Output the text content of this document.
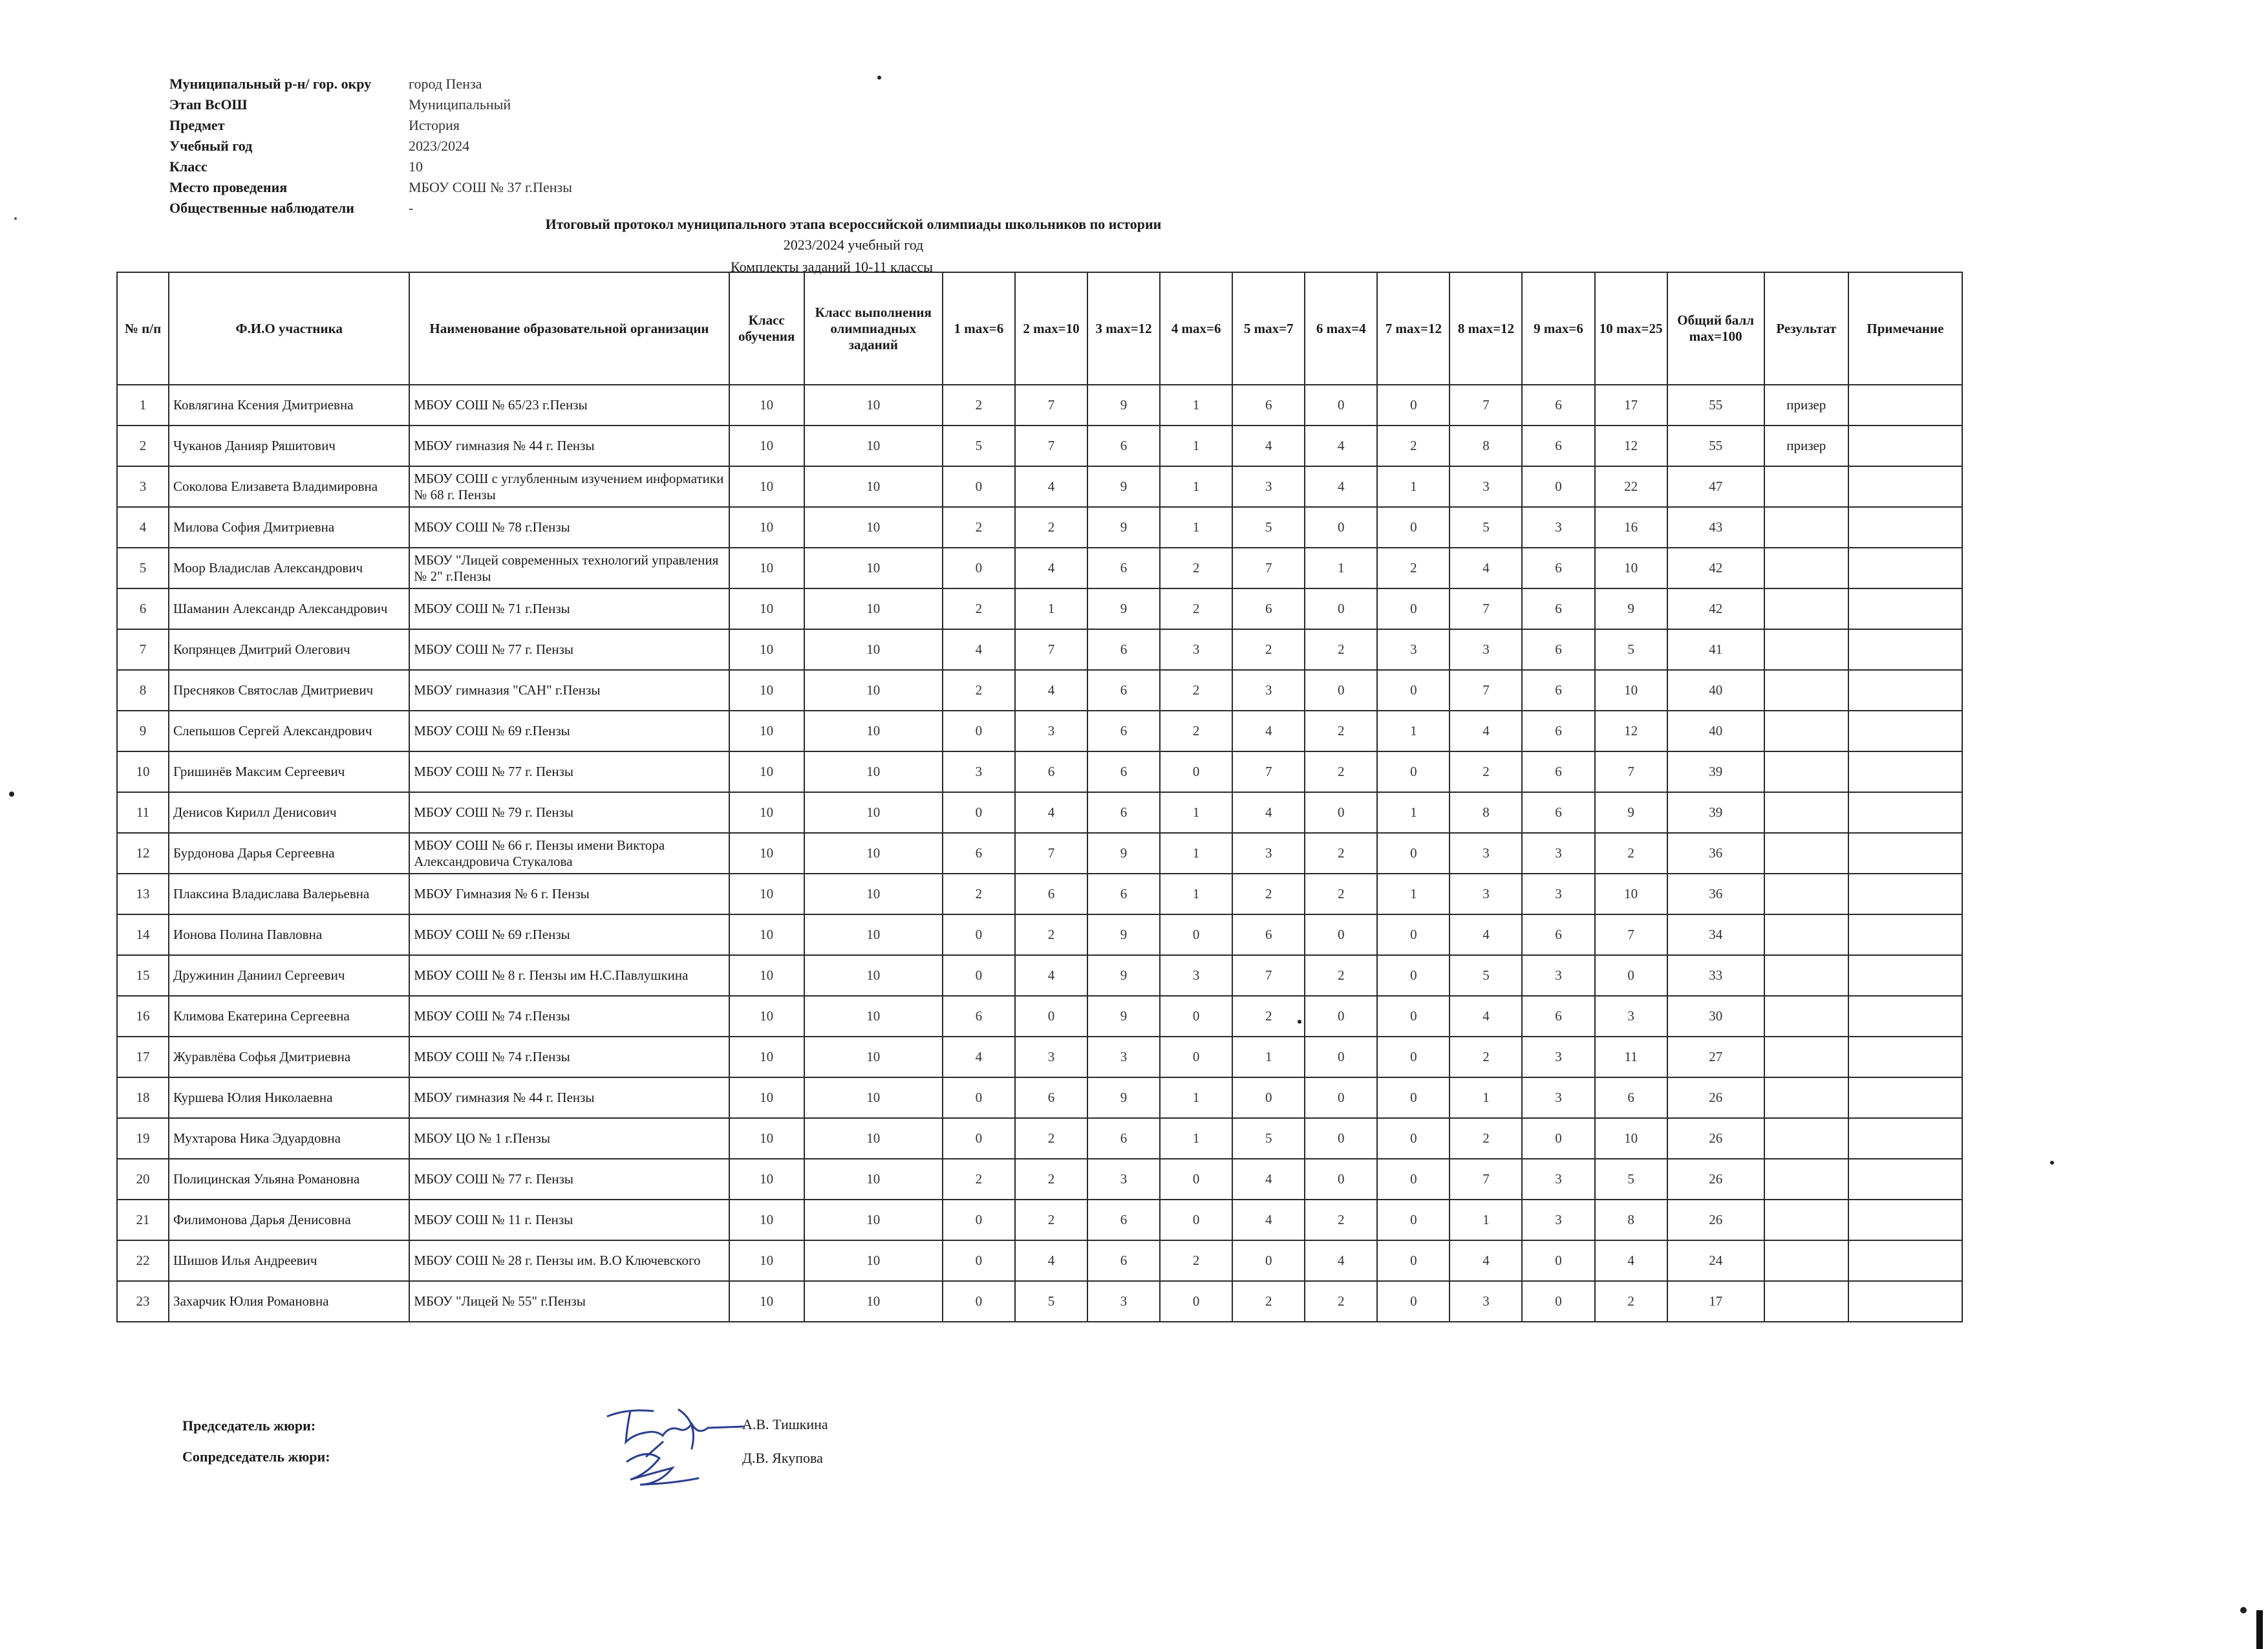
Муниципальный р-н/ гор. окру	город Пенза
Этап ВсОШ	Муниципальный
Предмет	История
Учебный год	2023/2024
Класс	10
Место проведения	МБОУ СОШ № 37 г.Пензы
Общественные наблюдатели	-
Итоговый протокол муниципального этапа всероссийской олимпиады школьников по истории
2023/2024 учебный год
Комплекты заданий 10-11 классы
№ п/п	Ф.И.О участника	Наименование образовательной организации	Класс обучения	Класс выполнения олимпиадных заданий	1 max=6	2 max=10	3 max=12	4 max=6	5 max=7	6 max=4	7 max=12	8 max=12	9 max=6	10 max=25	Общий балл max=100	Результат	Примечание
1	Ковлягина Ксения Дмитриевна	МБОУ СОШ № 65/23 г.Пензы	10	10	2	7	9	1	6	0	0	7	6	17	55	призер	
2	Чуканов Данияр Ряшитович	МБОУ гимназия № 44 г. Пензы	10	10	5	7	6	1	4	4	2	8	6	12	55	призер	
3	Соколова Елизавета Владимировна	МБОУ СОШ с углубленным изучением информатики № 68 г. Пензы	10	10	0	4	9	1	3	4	1	3	0	22	47		
4	Милова София Дмитриевна	МБОУ СОШ № 78 г.Пензы	10	10	2	2	9	1	5	0	0	5	3	16	43		
5	Моор Владислав Александрович	МБОУ "Лицей современных технологий управления № 2" г.Пензы	10	10	0	4	6	2	7	1	2	4	6	10	42		
6	Шаманин Александр Александрович	МБОУ СОШ № 71 г.Пензы	10	10	2	1	9	2	6	0	0	7	6	9	42		
7	Копрянцев Дмитрий Олегович	МБОУ СОШ № 77 г. Пензы	10	10	4	7	6	3	2	2	3	3	6	5	41		
8	Пресняков Святослав Дмитриевич	МБОУ гимназия "САН" г.Пензы	10	10	2	4	6	2	3	0	0	7	6	10	40		
9	Слепышов Сергей Александрович	МБОУ СОШ № 69 г.Пензы	10	10	0	3	6	2	4	2	1	4	6	12	40		
10	Гришинёв Максим Сергеевич	МБОУ СОШ № 77 г. Пензы	10	10	3	6	6	0	7	2	0	2	6	7	39		
11	Денисов Кирилл Денисович	МБОУ СОШ № 79 г. Пензы	10	10	0	4	6	1	4	0	1	8	6	9	39		
12	Бурдонова Дарья Сергеевна	МБОУ СОШ № 66 г. Пензы имени Виктора Александровича Стукалова	10	10	6	7	9	1	3	2	0	3	3	2	36		
13	Плаксина Владислава Валерьевна	МБОУ Гимназия № 6 г. Пензы	10	10	2	6	6	1	2	2	1	3	3	10	36		
14	Ионова Полина Павловна	МБОУ СОШ № 69 г.Пензы	10	10	0	2	9	0	6	0	0	4	6	7	34		
15	Дружинин Даниил Сергеевич	МБОУ СОШ № 8 г. Пензы им Н.С.Павлушкина	10	10	0	4	9	3	7	2	0	5	3	0	33		
16	Климова Екатерина Сергеевна	МБОУ СОШ № 74 г.Пензы	10	10	6	0	9	0	2	0	0	4	6	3	30		
17	Журавлёва Софья Дмитриевна	МБОУ СОШ № 74 г.Пензы	10	10	4	3	3	0	1	0	0	2	3	11	27		
18	Куршева Юлия Николаевна	МБОУ гимназия № 44 г. Пензы	10	10	0	6	9	1	0	0	0	1	3	6	26		
19	Мухтарова Ника Эдуардовна	МБОУ ЦО № 1 г.Пензы	10	10	0	2	6	1	5	0	0	2	0	10	26		
20	Полицинская Ульяна Романовна	МБОУ СОШ № 77 г. Пензы	10	10	2	2	3	0	4	0	0	7	3	5	26		
21	Филимонова Дарья Денисовна	МБОУ СОШ № 11 г. Пензы	10	10	0	2	6	0	4	2	0	1	3	8	26		
22	Шишов Илья Андреевич	МБОУ СОШ № 28 г. Пензы им. В.О Ключевского	10	10	0	4	6	2	0	4	0	4	0	4	24		
23	Захарчик Юлия Романовна	МБОУ "Лицей № 55" г.Пензы	10	10	0	5	3	0	2	2	0	3	0	2	17		
Председатель жюри:
Сопредседатель жюри:
А.В. Тишкина
Д.В. Якупова
